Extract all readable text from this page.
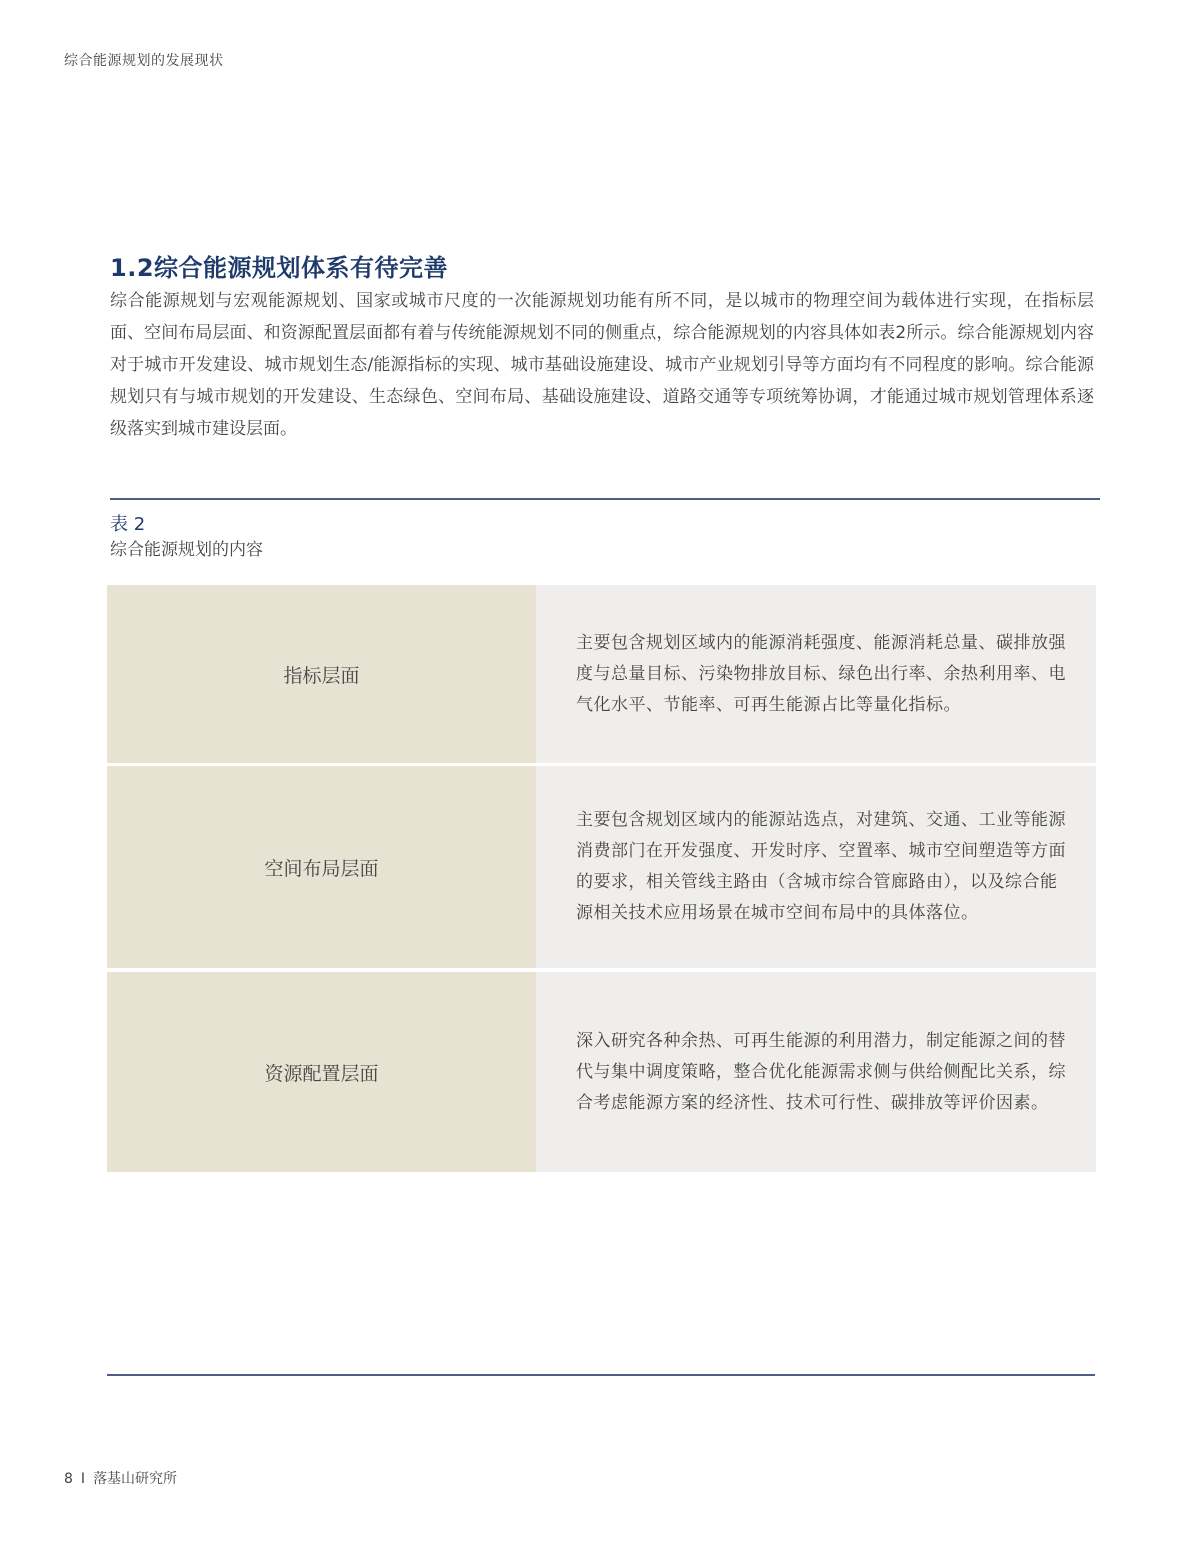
综合能源规划的发展现状
1.2综合能源规划体系有待完善
综合能源规划与宏观能源规划、国家或城市尺度的一次能源规划功能有所不同，是以城市的物理空间为载体进行实现，在指标层面、空间布局层面、和资源配置层面都有着与传统能源规划不同的侧重点，综合能源规划的内容具体如表2所示。综合能源规划内容对于城市开发建设、城市规划生态/能源指标的实现、城市基础设施建设、城市产业规划引导等方面均有不同程度的影响。综合能源规划只有与城市规划的开发建设、生态绿色、空间布局、基础设施建设、道路交通等专项统筹协调，才能通过城市规划管理体系逐级落实到城市建设层面。
表 2
综合能源规划的内容
指标层面
主要包含规划区域内的能源消耗强度、能源消耗总量、碳排放强度与总量目标、污染物排放目标、绿色出行率、余热利用率、电气化水平、节能率、可再生能源占比等量化指标。
空间布局层面
主要包含规划区域内的能源站选点，对建筑、交通、工业等能源消费部门在开发强度、开发时序、空置率、城市空间塑造等方面的要求，相关管线主路由（含城市综合管廊路由），以及综合能源相关技术应用场景在城市空间布局中的具体落位。
资源配置层面
深入研究各种余热、可再生能源的利用潜力，制定能源之间的替代与集中调度策略，整合优化能源需求侧与供给侧配比关系，综合考虑能源方案的经济性、技术可行性、碳排放等评价因素。
8 I 落基山研究所
